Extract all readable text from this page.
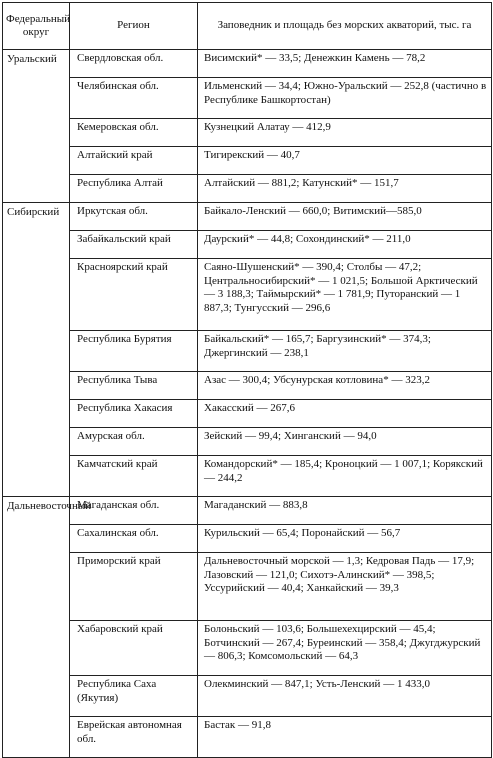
Федеральный округ	Регион	Заповедник и площадь без морских акваторий, тыс. га
Уральский	Свердловская обл.	Висимский* — 33,5; Денежкин Камень — 78,2
	Челябинская обл.	Ильменский — 34,4; Южно-Уральский — 252,8 (частично в Республике Башкортостан)
	Кемеровская обл.	Кузнецкий Алатау — 412,9
	Алтайский край	Тигирекский — 40,7
	Республика Алтай	Алтайский — 881,2; Катунский* — 151,7
Сибирский	Иркутская обл.	Байкало-Ленский — 660,0; Витимский—585,0
	Забайкальский край	Даурский* — 44,8; Сохондинский* — 211,0
	Красноярский край	Саяно-Шушенский* — 390,4; Столбы — 47,2; Центральносибирский* — 1 021,5; Большой Арктический — 3 188,3; Таймырский* — 1 781,9; Путоранский — 1 887,3; Тунгусский — 296,6
	Республика Бурятия	Байкальский* — 165,7; Баргузинский* — 374,3; Джергинский — 238,1
	Республика Тыва	Азас — 300,4; Убсунурская котловина* — 323,2
	Республика Хакасия	Хакасский — 267,6
	Амурская обл.	Зейский — 99,4; Хинганский — 94,0
	Камчатский край	Командорский* — 185,4; Кроноцкий — 1 007,1; Корякский — 244,2
Дальневосточный	Магаданская обл.	Магаданский — 883,8
	Сахалинская обл.	Курильский — 65,4; Поронайский — 56,7
	Приморский край	Дальневосточный морской — 1,3; Кедровая Падь — 17,9; Лазовский — 121,0; Сихотэ-Алинский* — 398,5; Уссурийский — 40,4; Ханкайский — 39,3
	Хабаровский край	Болоньский — 103,6; Большехехцирский — 45,4; Ботчинский — 267,4; Буреинский — 358,4; Джугджурский — 806,3; Комсомольский — 64,3
	Республика Саха (Якутия)	Олекминский — 847,1; Усть-Ленский — 1 433,0
	Еврейская автономная обл.	Бастак — 91,8
